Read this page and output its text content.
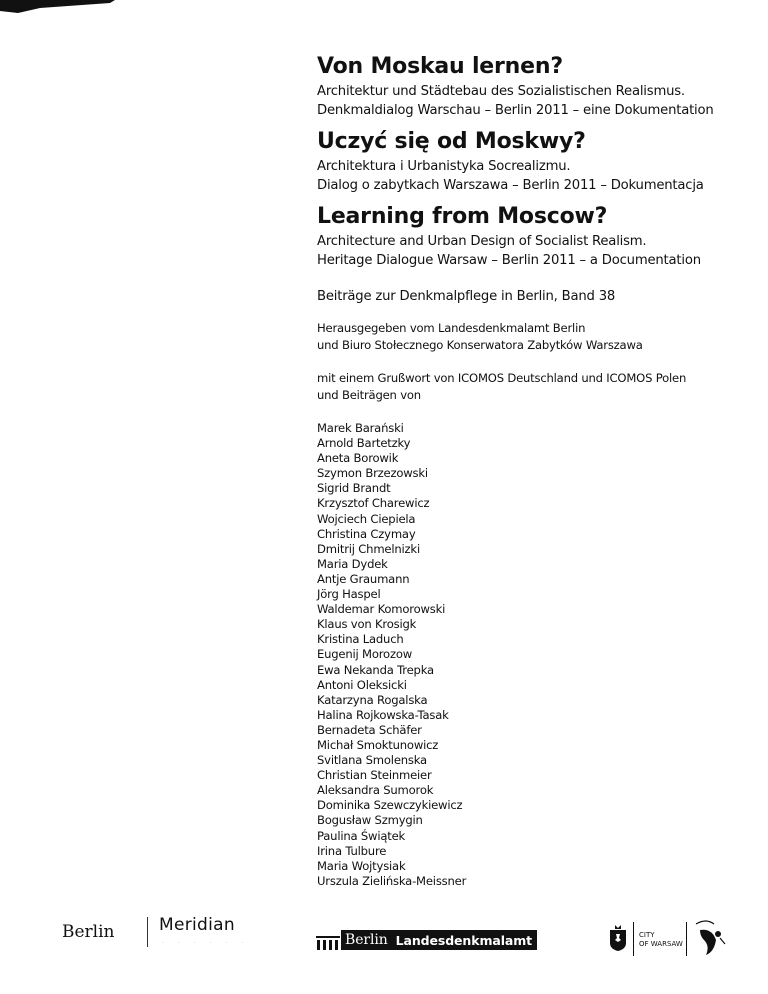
Von Moskau lernen?

Architektur und Städtebau des Sozialistischen Realismus.

Denkmaldialog Warschau – Berlin 2011 – eine Dokumentation

Uczyć się od Moskwy?

Architektura i Urbanistyka Socrealizmu.

Dialog o zabytkach Warszawa – Berlin 2011 – Dokumentacja

Learning from Moscow?

Architecture and Urban Design of Socialist Realism.

Heritage Dialogue Warsaw – Berlin 2011 – a Documentation

Beiträge zur Denkmalpflege in Berlin, Band 38
Herausgegeben vom Landesdenkmalamt Berlin
und Biuro Stołecznego Konserwatora Zabytków Warszawa
mit einem Grußwort von ICOMOS Deutschland und ICOMOS Polen
und Beiträgen von
Marek Barański
Arnold Bartetzky
Aneta Borowik
Szymon Brzezowski
Sigrid Brandt
Krzysztof Charewicz
Wojciech Ciepiela
Christina Czymay
Dmitrij Chmelnizki
Maria Dydek
Antje Graumann
Jörg Haspel
Waldemar Komorowski
Klaus von Krosigk
Kristina Laduch
Eugenij Morozow
Ewa Nekanda Trepka
Antoni Oleksicki
Katarzyna Rogalska
Halina Rojkowska-Tasak
Bernadeta Schäfer
Michał Smoktunowicz
Svitlana Smolenska
Christian Steinmeier
Aleksandra Sumorok
Dominika Szewczykiewicz
Bogusław Szmygin
Paulina Świątek
Irina Tulbure
Maria Wojtysiak
Urszula Zielińska-Meissner
Berlin	Meridian
· · · · · ·	Berlin Landesdenkmalamt	CITY
OF WARSAW
